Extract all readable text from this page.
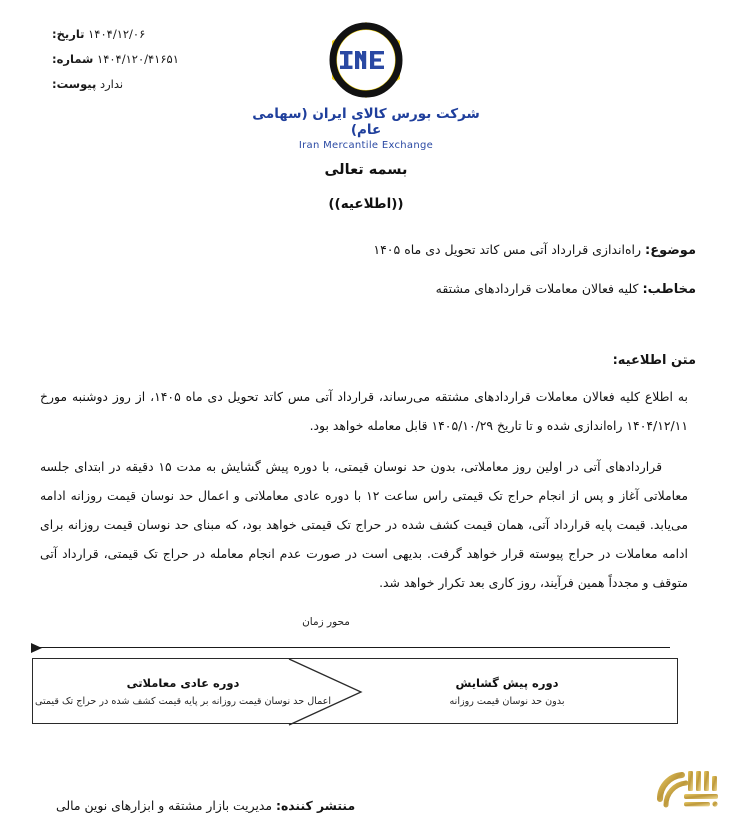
۱۴۰۴/۱۲/۰۶ تاریخ:
۱۴۰۴/۱۲۰/۴۱۶۵۱ شماره:
ندارد پیوست:
شرکت بورس کالای ایران (سهامی عام)
Iran Mercantile Exchange
بسمه تعالی
((اطلاعیه))
موضوع: راه‌اندازی قرارداد آتی مس کاتد تحویل دی ماه ۱۴۰۵
مخاطب: کلیه فعالان معاملات قراردادهای مشتقه
متن اطلاعیه:
به اطلاع کلیه فعالان معاملات قراردادهای مشتقه می‌رساند، قرارداد آتی مس کاتد تحویل دی ماه ۱۴۰۵، از روز دوشنبه مورخ ۱۴۰۴/۱۲/۱۱ راه‌اندازی شده و تا تاریخ ۱۴۰۵/۱۰/۲۹ قابل معامله خواهد بود.
قراردادهای آتی در اولین روز معاملاتی، بدون حد نوسان قیمتی، با دوره پیش گشایش به مدت ۱۵ دقیقه در ابتدای جلسه معاملاتی آغاز و پس از انجام حراج تک قیمتی راس ساعت ۱۲ با دوره عادی معاملاتی و اعمال حد نوسان قیمت روزانه ادامه می‌یابد. قیمت پایه قرارداد آتی، همان قیمت کشف شده در حراج تک قیمتی خواهد بود، که مبنای حد نوسان قیمت روزانه برای ادامه معاملات در حراج پیوسته قرار خواهد گرفت. بدیهی است در صورت عدم انجام معامله در حراج تک قیمتی، قرارداد آتی متوقف و مجدداً همین فرآیند، روز کاری بعد تکرار خواهد شد.
محور زمان
دوره پیش گشایش
بدون حد نوسان قیمت روزانه
دوره عادی معاملاتی
اعمال حد نوسان قیمت روزانه بر پایه قیمت کشف شده در حراج تک قیمتی
منتشر کننده: مدیریت بازار مشتقه و ابزارهای نوین مالی
